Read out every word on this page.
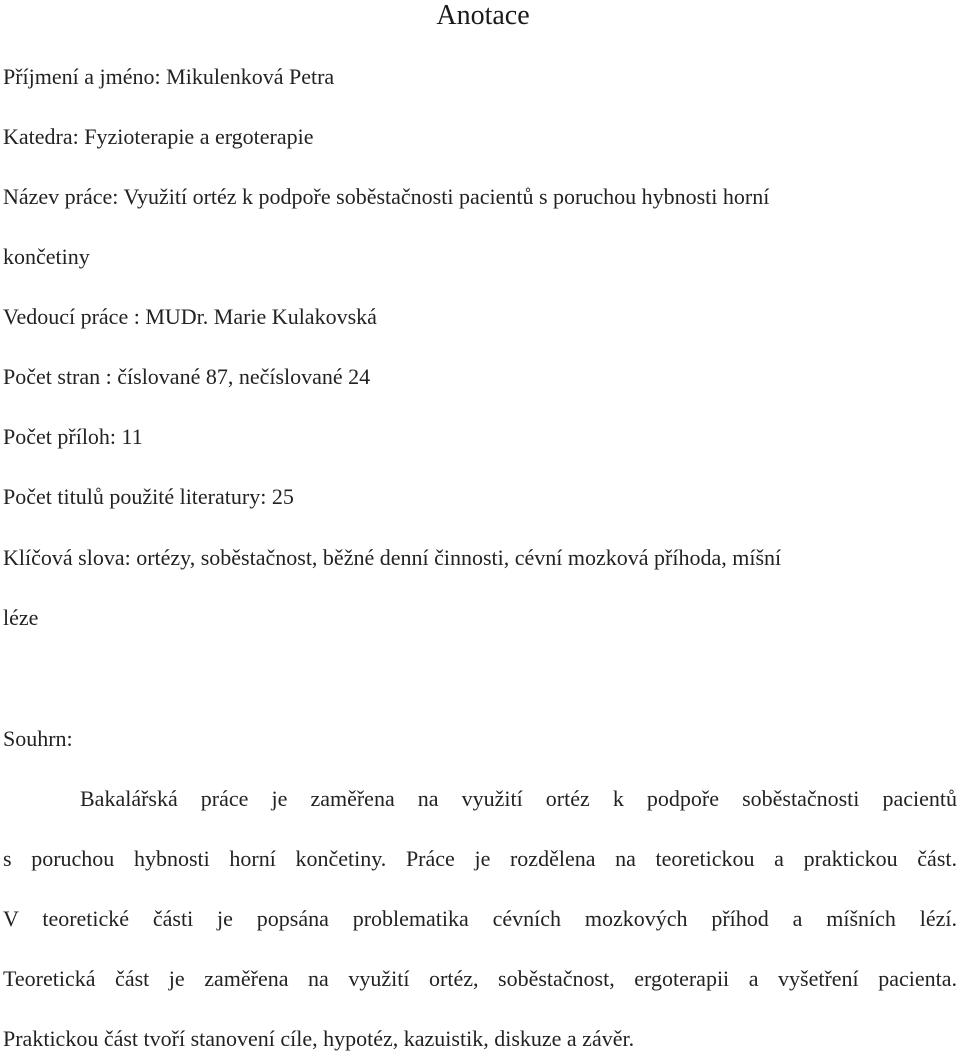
Anotace
Příjmení a jméno: Mikulenková Petra
Katedra: Fyzioterapie a ergoterapie
Název práce: Využití ortéz k podpoře soběstačnosti pacientů s poruchou hybnosti horní
končetiny
Vedoucí práce : MUDr. Marie Kulakovská
Počet stran : číslované 87, nečíslované 24
Počet příloh: 11
Počet titulů použité literatury: 25
Klíčová slova: ortézy, soběstačnost, běžné denní činnosti, cévní mozková příhoda, míšní
léze
Souhrn:
Bakalářská práce je zaměřena na využití ortéz k podpoře soběstačnosti pacientů
s poruchou hybnosti horní končetiny. Práce je rozdělena na teoretickou a praktickou část.
V teoretické části je popsána problematika cévních mozkových příhod a míšních lézí.
Teoretická část je zaměřena na využití ortéz, soběstačnost, ergoterapii a vyšetření pacienta.
Praktickou část tvoří stanovení cíle, hypotéz, kazuistik, diskuze a závěr.
